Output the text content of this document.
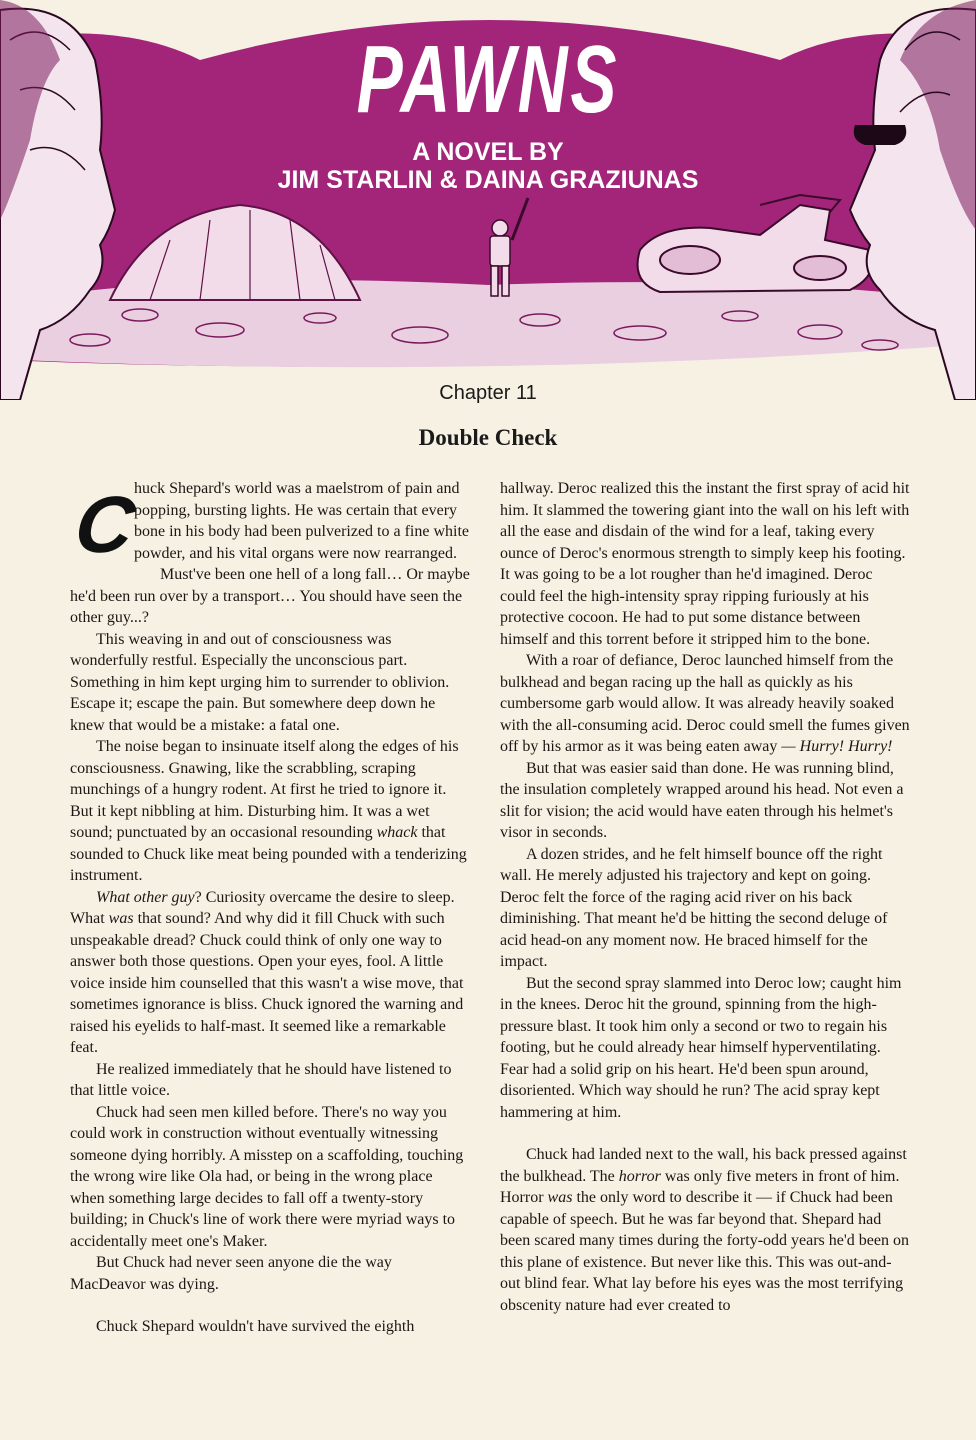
PAWNS
A NOVEL BY
JIM STARLIN & DAINA GRAZIUNAS
Chapter 11
Double Check

C
huck Shepard's world was a maelstrom of pain and popping, bursting lights. He was certain that every bone in his body had been pulverized to a fine white powder, and his vital organs were now rearranged.

Must've been one hell of a long fall… Or maybe he'd been run over by a transport… You should have seen the other guy...?

This weaving in and out of consciousness was wonderfully restful. Especially the unconscious part. Something in him kept urging him to surrender to oblivion. Escape it; escape the pain. But somewhere deep down he knew that would be a mistake: a fatal one.

The noise began to insinuate itself along the edges of his consciousness. Gnawing, like the scrabbling, scraping munchings of a hungry rodent. At first he tried to ignore it. But it kept nibbling at him. Disturbing him. It was a wet sound; punctuated by an occasional resounding whack that sounded to Chuck like meat being pounded with a tenderizing instrument.

What other guy? Curiosity overcame the desire to sleep. What was that sound? And why did it fill Chuck with such unspeakable dread? Chuck could think of only one way to answer both those questions. Open your eyes, fool. A little voice inside him counselled that this wasn't a wise move, that sometimes ignorance is bliss. Chuck ignored the warning and raised his eyelids to half-mast. It seemed like a remarkable feat.

He realized immediately that he should have listened to that little voice.

Chuck had seen men killed before. There's no way you could work in construction without eventually witnessing someone dying horribly. A misstep on a scaffolding, touching the wrong wire like Ola had, or being in the wrong place when something large decides to fall off a twenty-story building; in Chuck's line of work there were myriad ways to accidentally meet one's Maker.

But Chuck had never seen anyone die the way MacDeavor was dying.

Chuck Shepard wouldn't have survived the eighth

hallway. Deroc realized this the instant the first spray of acid hit him. It slammed the towering giant into the wall on his left with all the ease and disdain of the wind for a leaf, taking every ounce of Deroc's enormous strength to simply keep his footing. It was going to be a lot rougher than he'd imagined. Deroc could feel the high-intensity spray ripping furiously at his protective cocoon. He had to put some distance between himself and this torrent before it stripped him to the bone.

With a roar of defiance, Deroc launched himself from the bulkhead and began racing up the hall as quickly as his cumbersome garb would allow. It was already heavily soaked with the all-consuming acid. Deroc could smell the fumes given off by his armor as it was being eaten away — Hurry! Hurry!

But that was easier said than done. He was running blind, the insulation completely wrapped around his head. Not even a slit for vision; the acid would have eaten through his helmet's visor in seconds.

A dozen strides, and he felt himself bounce off the right wall. He merely adjusted his trajectory and kept on going. Deroc felt the force of the raging acid river on his back diminishing. That meant he'd be hitting the second deluge of acid head-on any moment now. He braced himself for the impact.

But the second spray slammed into Deroc low; caught him in the knees. Deroc hit the ground, spinning from the high-pressure blast. It took him only a second or two to regain his footing, but he could already hear himself hyperventilating. Fear had a solid grip on his heart. He'd been spun around, disoriented. Which way should he run? The acid spray kept hammering at him.

Chuck had landed next to the wall, his back pressed against the bulkhead. The horror was only five meters in front of him. Horror was the only word to describe it — if Chuck had been capable of speech. But he was far beyond that. Shepard had been scared many times during the forty-odd years he'd been on this plane of existence. But never like this. This was out-and-out blind fear. What lay before his eyes was the most terrifying obscenity nature had ever created to
